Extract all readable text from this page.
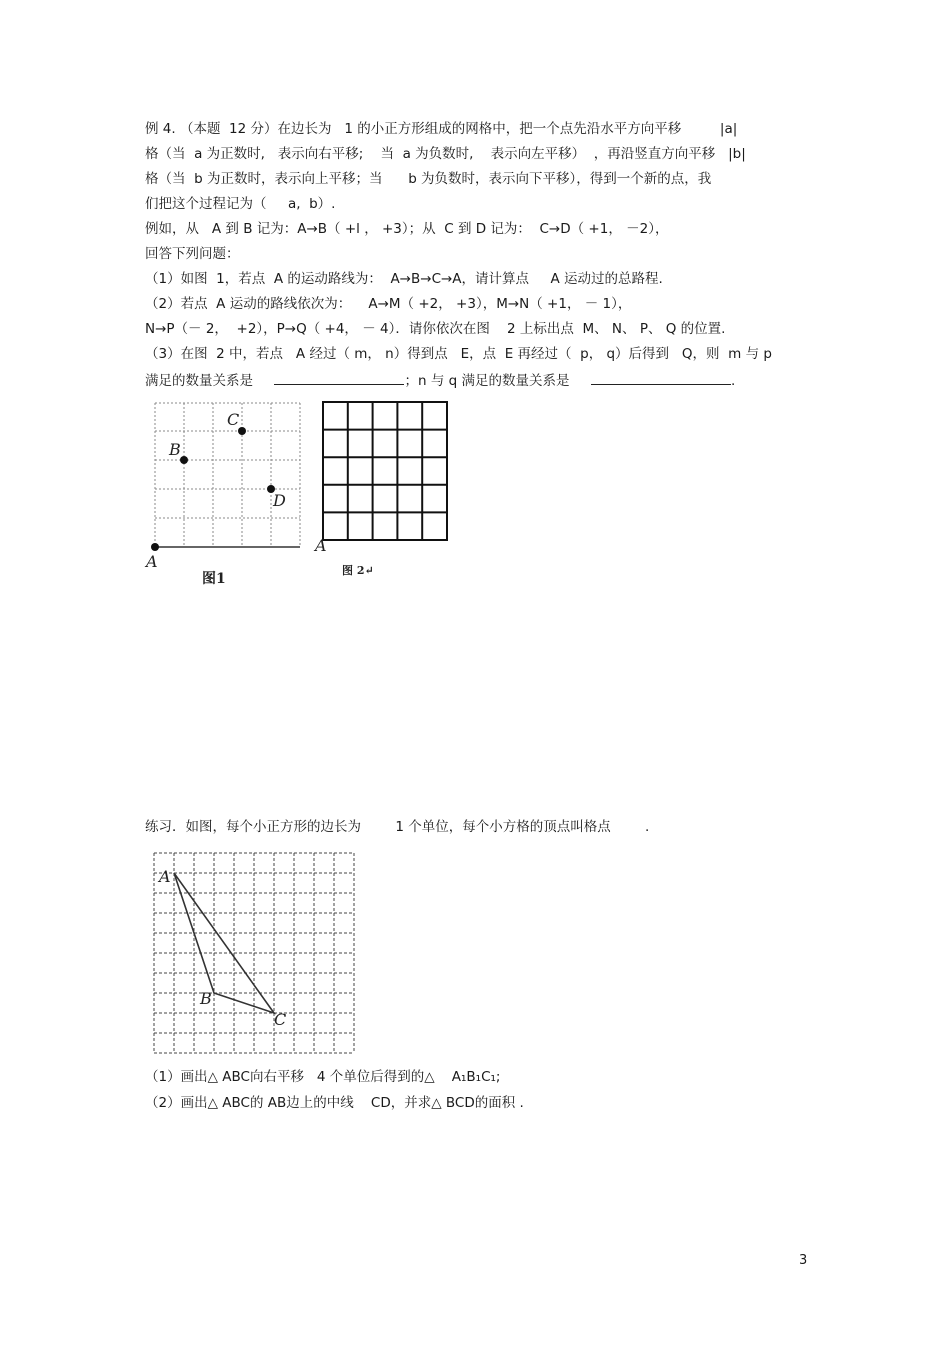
例 4. （本题  12 分）在边长为   1 的小正方形组成的网格中，把一个点先沿水平方向平移         |a|
格（当  a 为正数时,   表示向右平移;    当  a 为负数时,    表示向左平移）  ，再沿竖直方向平移   |b|
格（当  b 为正数时，表示向上平移；当      b 为负数时，表示向下平移），得到一个新的点，我
们把这个过程记为（     a,  b）.
例如，从   A 到 B 记为：A→B（ +l ， +3）；从  C 到 D 记为：  C→D（ +1， －2），
回答下列问题：
（1）如图  1，若点  A 的运动路线为：  A→B→C→A，请计算点     A 运动过的总路程.
（2）若点  A 运动的路线依次为：    A→M（ +2， +3），M→N（ +1， － 1），
N→P（－ 2，  +2），P→Q（ +4， － 4）．请你依次在图    2 上标出点  M、 N、 P、 Q 的位置.
（3）在图  2 中，若点   A 经过（ m， n）得到点   E，点  E 再经过（  p， q）后得到   Q，则  m 与 p
满足的数量关系是	；n 与 q 满足的数量关系是	.
A
B
C
D
图1
A
图 2↵
练习．如图，每个小正方形的边长为        1 个单位，每个小方格的顶点叫格点        .
A
B
C
（1）画出△ ABC向右平移   4 个单位后得到的△    A₁B₁C₁;
（2）画出△ ABC的 AB边上的中线    CD，并求△ BCD的面积 .
3
